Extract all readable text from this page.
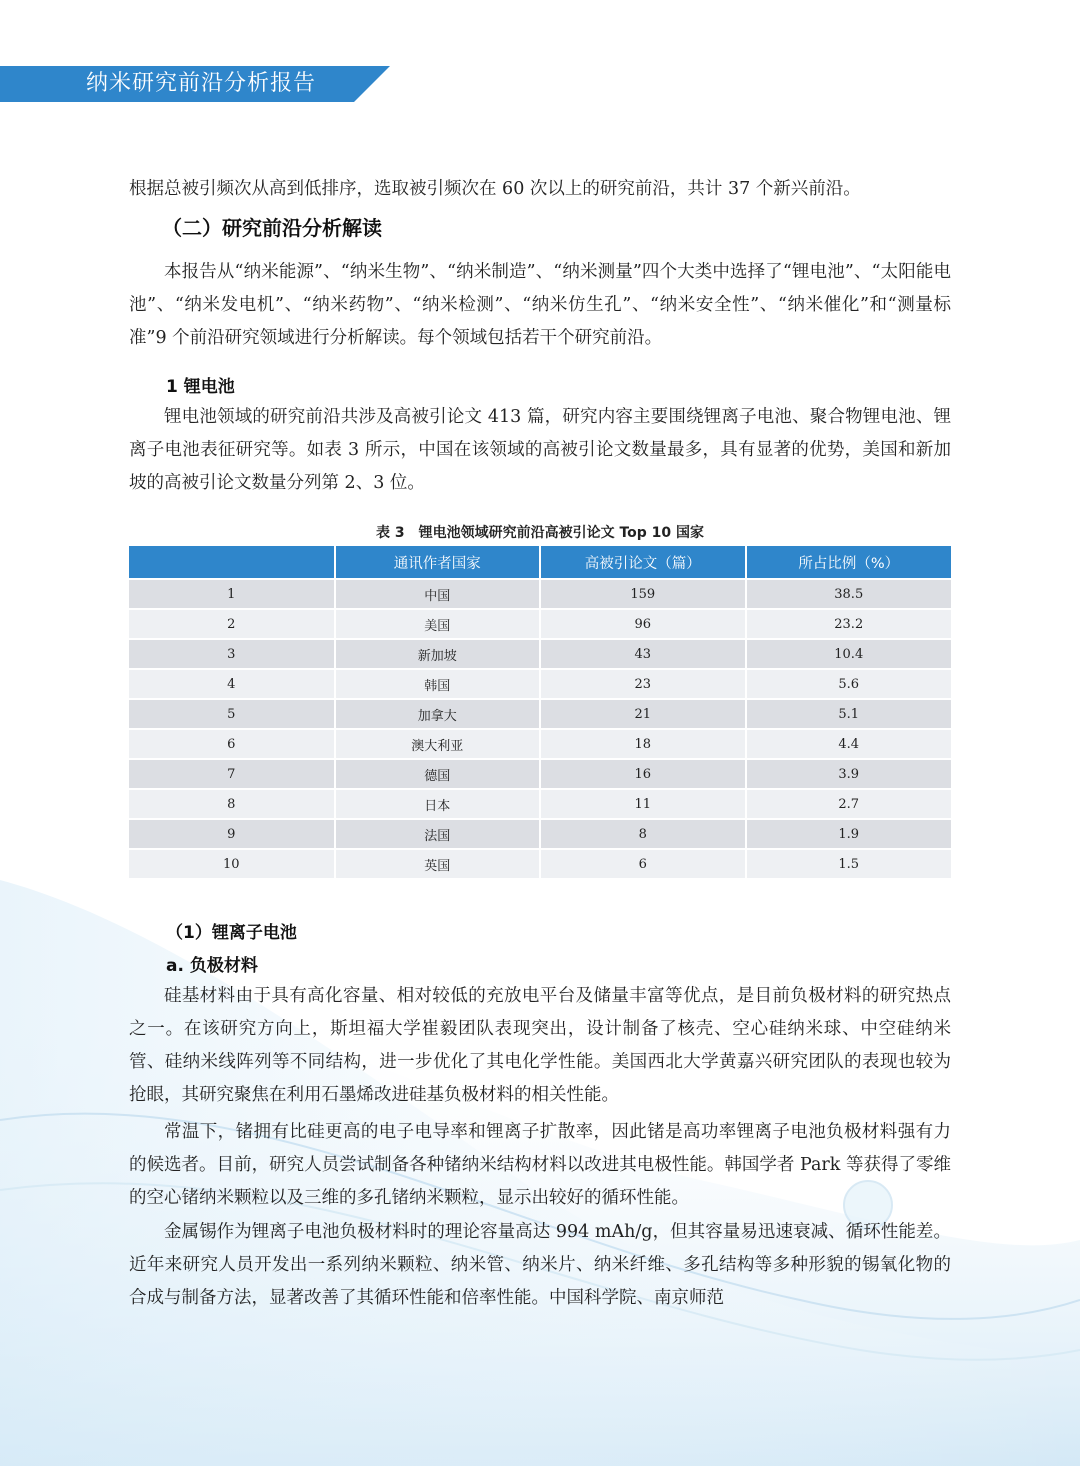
纳米研究前沿分析报告

根据总被引频次从高到低排序，选取被引频次在 60 次以上的研究前沿，共计 37 个新兴前沿。

（二）研究前沿分析解读

本报告从“纳米能源”、“纳米生物”、“纳米制造”、“纳米测量”四个大类中选择了“锂电池”、“太阳能电池”、“纳米发电机”、“纳米药物”、“纳米检测”、“纳米仿生孔”、“纳米安全性”、“纳米催化”和“测量标准”9 个前沿研究领域进行分析解读。每个领域包括若干个研究前沿。

1 锂电池

锂电池领域的研究前沿共涉及高被引论文 413 篇，研究内容主要围绕锂离子电池、聚合物锂电池、锂离子电池表征研究等。如表 3 所示，中国在该领域的高被引论文数量最多，具有显著的优势，美国和新加坡的高被引论文数量分列第 2、3 位。

表 3　锂电池领域研究前沿高被引论文 Top 10 国家
	通讯作者国家	高被引论文（篇）	所占比例（%）
1	中国	159	38.5
2	美国	96	23.2
3	新加坡	43	10.4
4	韩国	23	5.6
5	加拿大	21	5.1
6	澳大利亚	18	4.4
7	德国	16	3.9
8	日本	11	2.7
9	法国	8	1.9
10	英国	6	1.5
（1）锂离子电池
a. 负极材料

硅基材料由于具有高化容量、相对较低的充放电平台及储量丰富等优点，是目前负极材料的研究热点之一。在该研究方向上，斯坦福大学崔毅团队表现突出，设计制备了核壳、空心硅纳米球、中空硅纳米管、硅纳米线阵列等不同结构，进一步优化了其电化学性能。美国西北大学黄嘉兴研究团队的表现也较为抢眼，其研究聚焦在利用石墨烯改进硅基负极材料的相关性能。

常温下，锗拥有比硅更高的电子电导率和锂离子扩散率，因此锗是高功率锂离子电池负极材料强有力的候选者。目前，研究人员尝试制备各种锗纳米结构材料以改进其电极性能。韩国学者 Park 等获得了零维的空心锗纳米颗粒以及三维的多孔锗纳米颗粒，显示出较好的循环性能。

金属锡作为锂离子电池负极材料时的理论容量高达 994 mAh/g，但其容量易迅速衰减、循环性能差。近年来研究人员开发出一系列纳米颗粒、纳米管、纳米片、纳米纤维、多孔结构等多种形貌的锡氧化物的合成与制备方法，显著改善了其循环性能和倍率性能。中国科学院、南京师范
